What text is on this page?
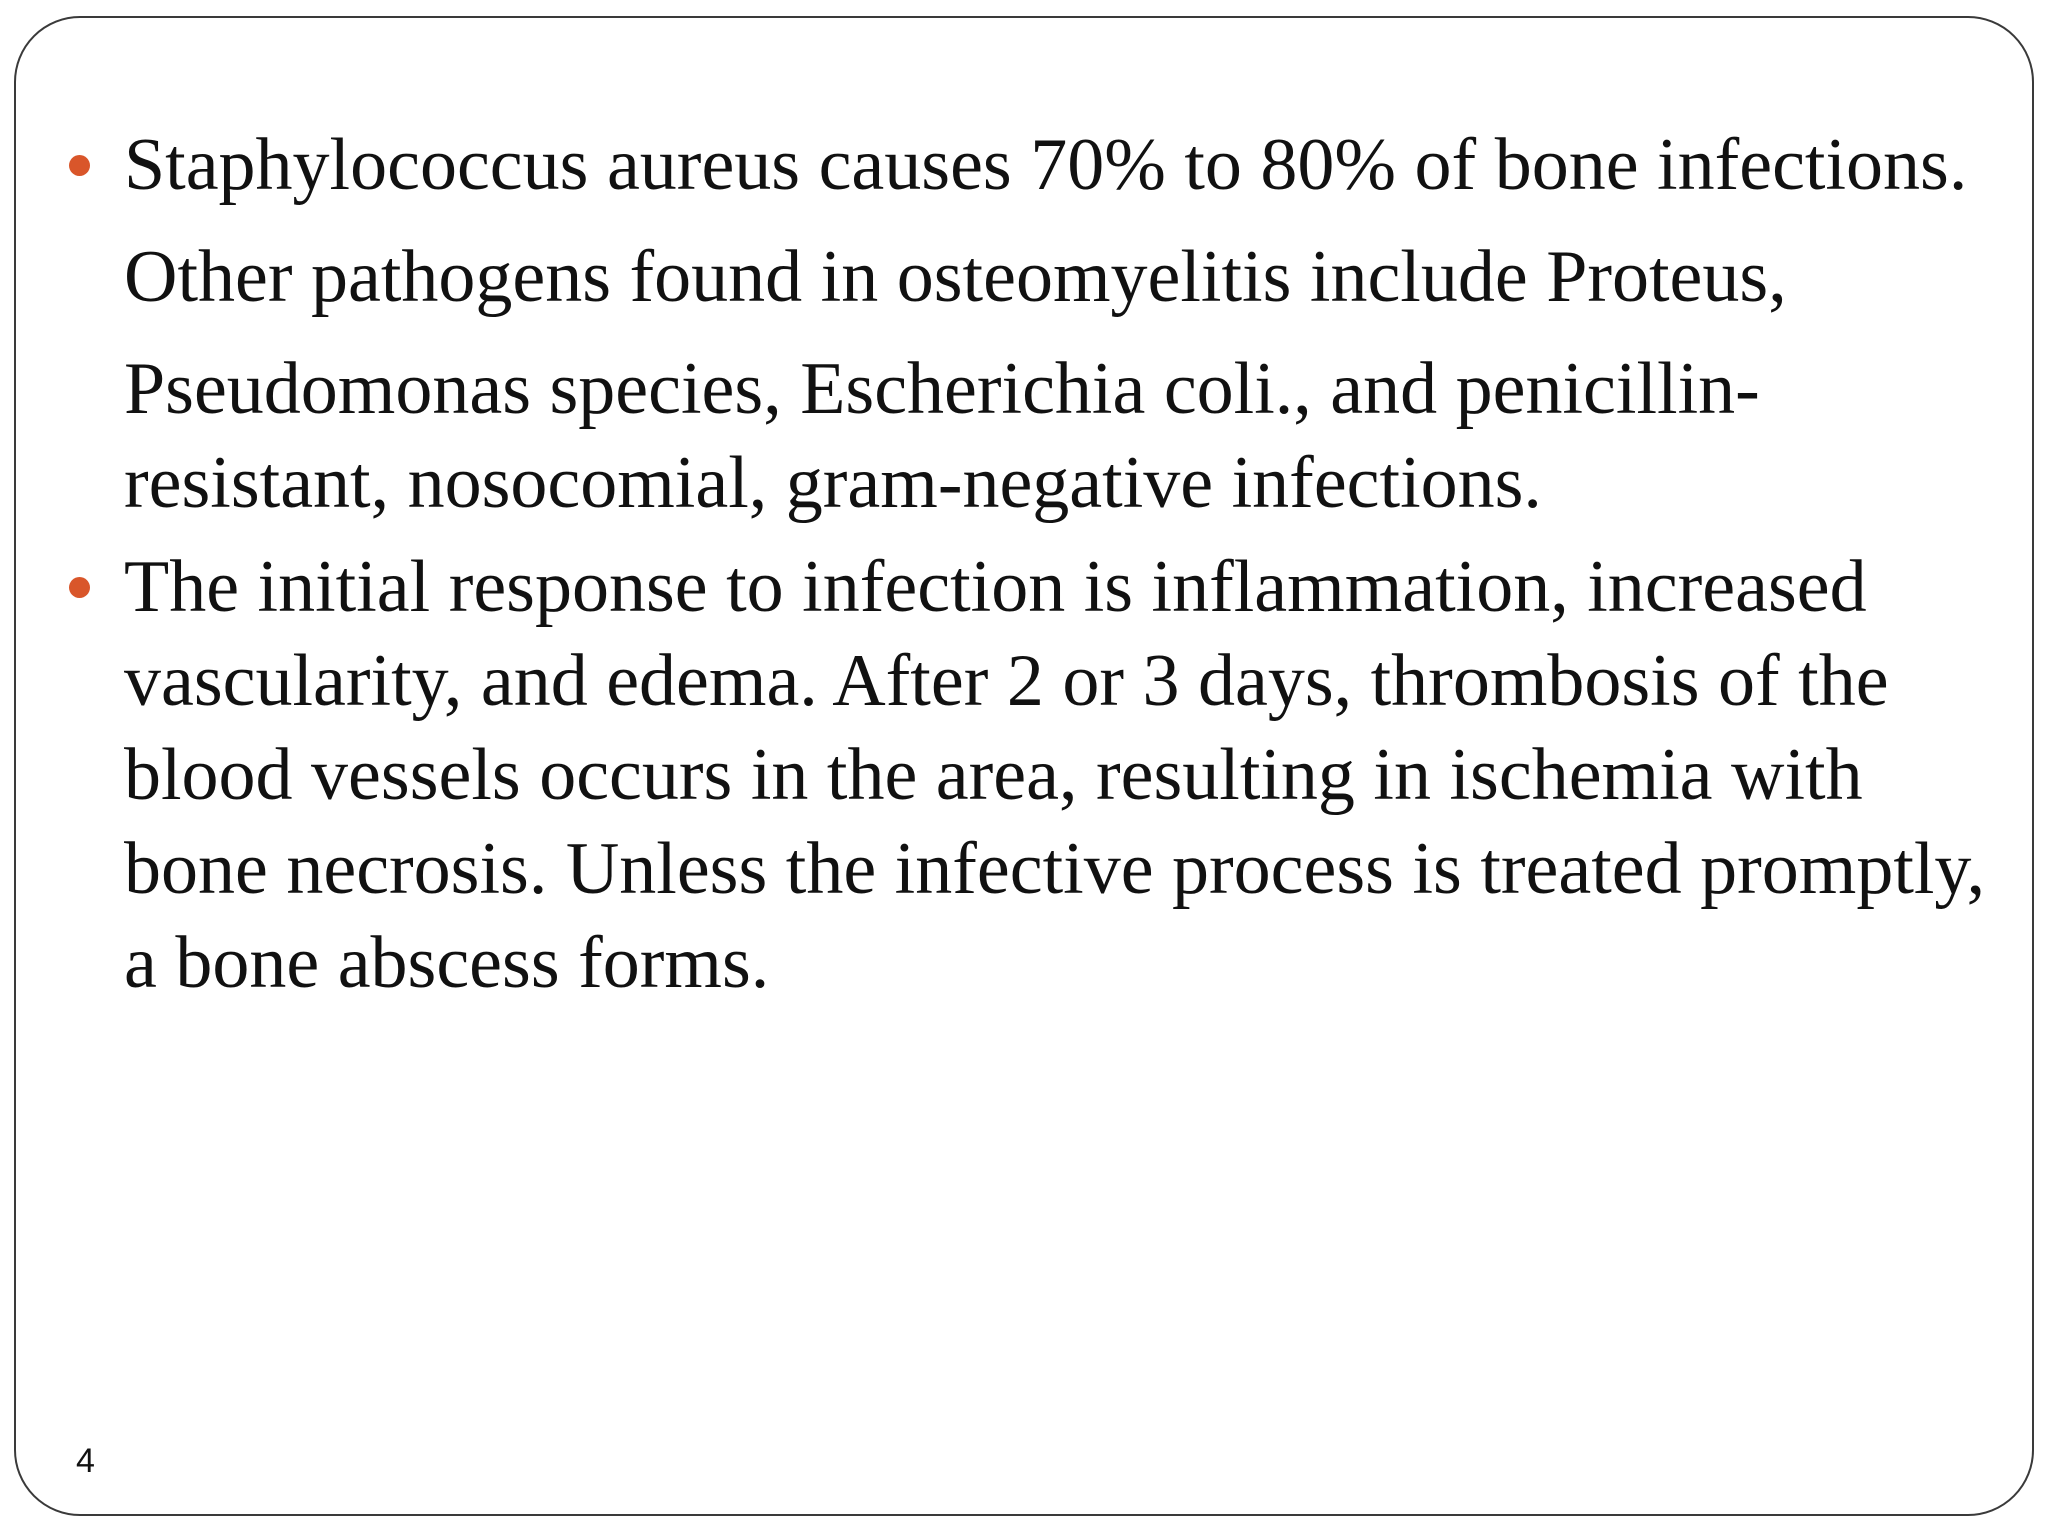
Staphylococcus aureus causes 70% to 80% of bone infections.
Other pathogens found in osteomyelitis include Proteus,
Pseudomonas species, Escherichia coli., and penicillin-resistant, nosocomial, gram-negative infections.
The initial response to infection is inflammation, increased vascularity, and edema. After 2 or 3 days, thrombosis of the blood vessels occurs in the area, resulting in ischemia with bone necrosis. Unless the infective process is treated promptly, a bone abscess forms.
4
